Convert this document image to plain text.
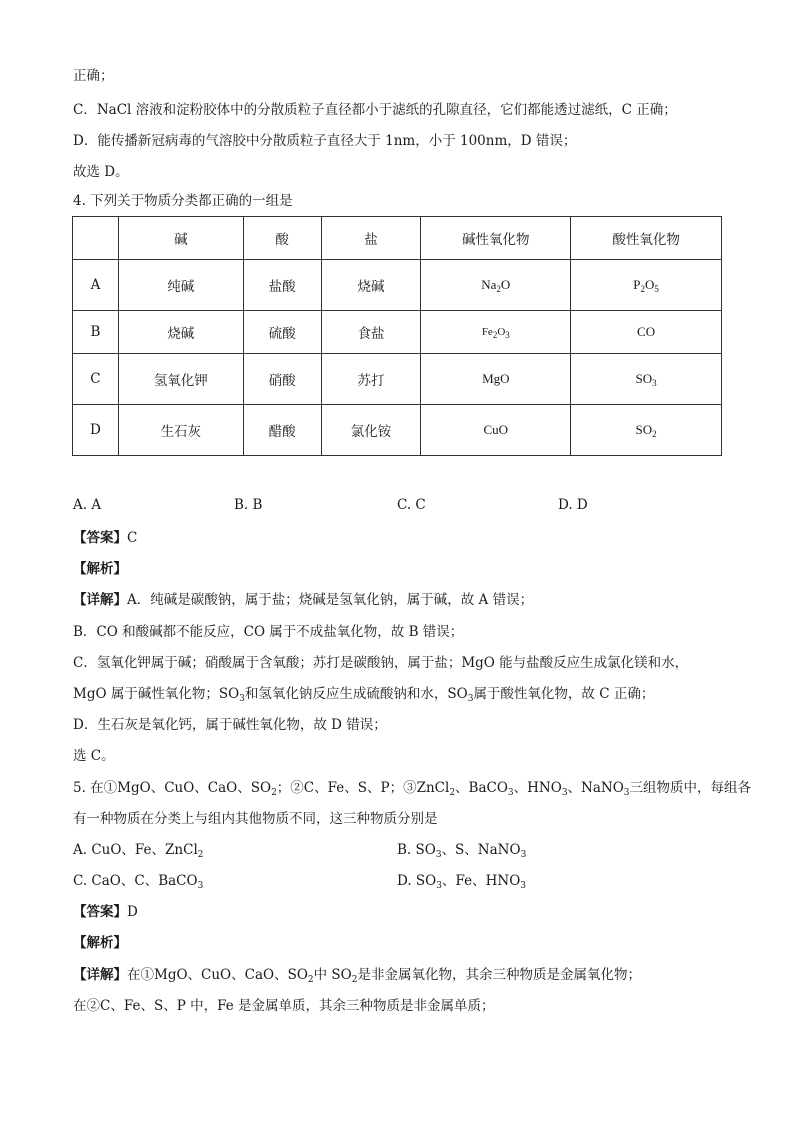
正确；
C．NaCl 溶液和淀粉胶体中的分散质粒子直径都小于滤纸的孔隙直径，它们都能透过滤纸，C 正确；
D．能传播新冠病毒的气溶胶中分散质粒子直径大于 1nm，小于 100nm，D 错误；
故选 D。
4. 下列关于物质分类都正确的一组是
	碱	酸	盐	碱性氧化物	酸性氧化物
A	纯碱	盐酸	烧碱	$Na_2O$	$P_2O_5$
B	烧碱	硫酸	食盐	$Fe_2O_3$	CO
C	氢氧化钾	硝酸	苏打	MgO	$SO_3$
D	生石灰	醋酸	氯化铵	CuO	$SO_2$
A. A	B. B	C. C	D. D
【答案】C
【解析】
【详解】A．纯碱是碳酸钠，属于盐；烧碱是氢氧化钠，属于碱，故 A 错误；
B．CO 和酸碱都不能反应，CO 属于不成盐氧化物，故 B 错误；
C．氢氧化钾属于碱；硝酸属于含氧酸；苏打是碳酸钠，属于盐；MgO 能与盐酸反应生成氯化镁和水，
MgO 属于碱性氧化物；$SO_3$和氢氧化钠反应生成硫酸钠和水，$SO_3$属于酸性氧化物，故 C 正确；
D．生石灰是氧化钙，属于碱性氧化物，故 D 错误；
选 C。
5. 在①MgO、CuO、CaO、$SO_2$；②C、Fe、S、P；③ZnCl$_2$、BaCO$_3$、$HNO_3$、NaNO$_3$三组物质中，每组各
有一种物质在分类上与组内其他物质不同，这三种物质分别是
A. CuO、Fe、ZnCl$_2$	B. $SO_3$、S、NaNO$_3$
C. CaO、C、BaCO$_3$	D. $SO_3$、Fe、$HNO_3$
【答案】D
【解析】
【详解】在①MgO、CuO、CaO、$SO_2$中 $SO_2$是非金属氧化物，其余三种物质是金属氧化物；
在②C、Fe、S、P 中，Fe 是金属单质，其余三种物质是非金属单质；
